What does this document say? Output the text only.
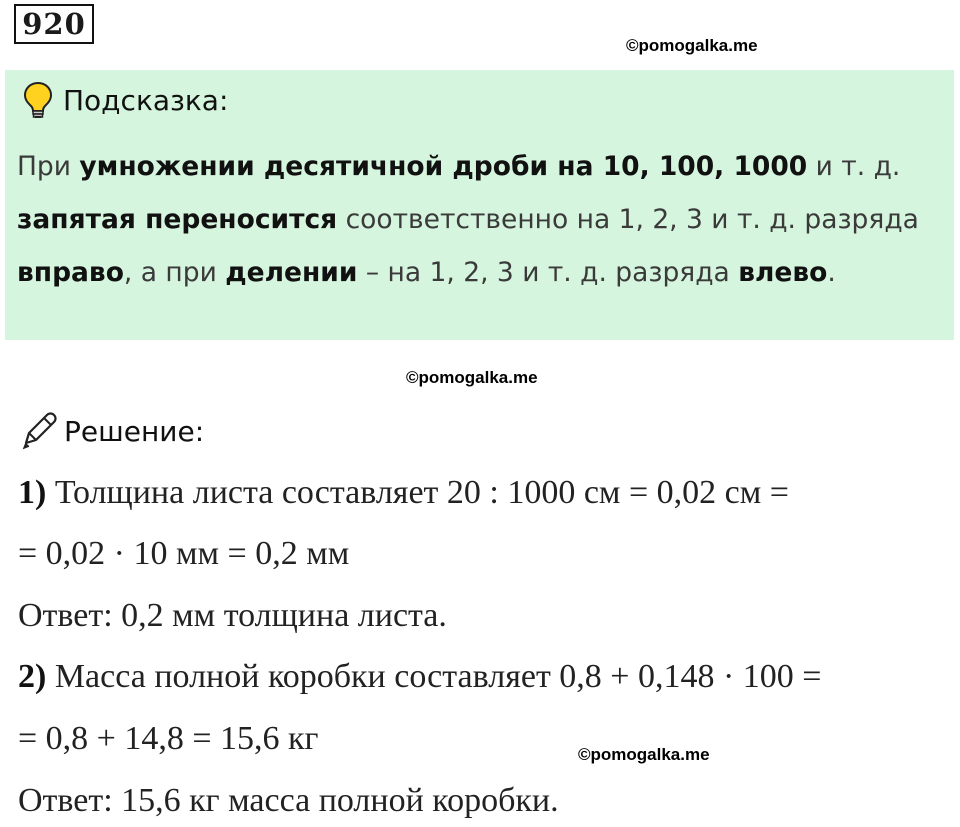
920
©pomogalka.me
Подсказка:
При умножении десятичной дроби на 10, 100, 1000 и т. д.
запятая переносится соответственно на 1, 2, 3 и т. д. разряда
вправо, а при делении – на 1, 2, 3 и т. д. разряда влево.
©pomogalka.me
Решение:
1) Толщина листа составляет 20 : 1000 см = 0,02 см =
= 0,02 · 10 мм = 0,2 мм
Ответ: 0,2 мм толщина листа.
2) Масса полной коробки составляет 0,8 + 0,148 · 100 =
= 0,8 + 14,8 = 15,6 кг
Ответ: 15,6 кг масса полной коробки.
©pomogalka.me
